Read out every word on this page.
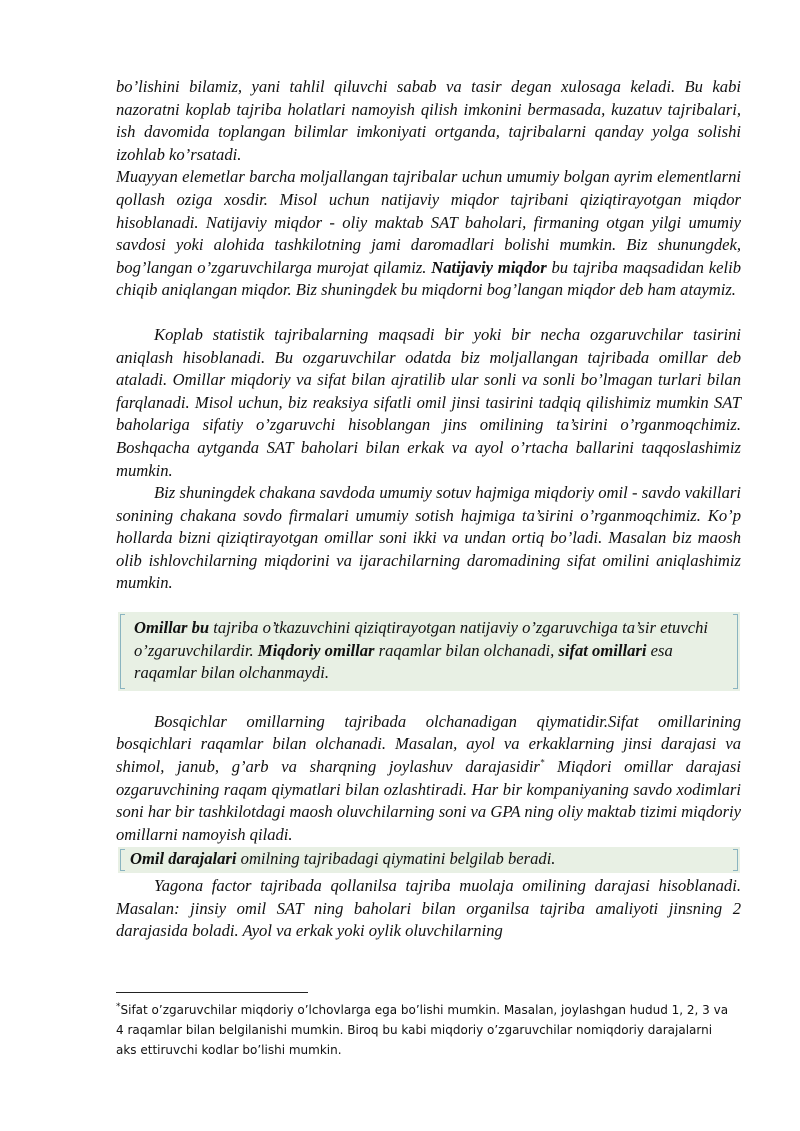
bo’lishini bilamiz, yani tahlil qiluvchi sabab va tasir degan xulosaga keladi. Bu kabi nazoratni koplab tajriba holatlari namoyish qilish imkonini bermasada, kuzatuv tajribalari, ish davomida toplangan bilimlar imkoniyati ortganda, tajribalarni qanday yolga solishi izohlab ko’rsatadi.

Muayyan elemetlar barcha moljallangan tajribalar uchun umumiy bolgan ayrim elementlarni qollash oziga xosdir. Misol uchun natijaviy miqdor tajribani qiziqtirayotgan miqdor hisoblanadi. Natijaviy miqdor - oliy maktab SAT baholari, firmaning otgan yilgi umumiy savdosi yoki alohida tashkilotning jami daromadlari bolishi mumkin. Biz shunungdek, bog’langan o’zgaruvchilarga murojat qilamiz. Natijaviy miqdor bu tajriba maqsadidan kelib chiqib aniqlangan miqdor. Biz shuningdek bu miqdorni bog’langan miqdor deb ham ataymiz.

Koplab statistik tajribalarning maqsadi bir yoki bir necha ozgaruvchilar tasirini aniqlash hisoblanadi. Bu ozgaruvchilar odatda biz moljallangan tajribada omillar deb ataladi. Omillar miqdoriy va sifat bilan ajratilib ular sonli va sonli bo’lmagan turlari bilan farqlanadi. Misol uchun, biz reaksiya sifatli omil jinsi tasirini tadqiq qilishimiz mumkin SAT baholariga sifatiy o’zgaruvchi hisoblangan jins omilining ta’sirini o’rganmoqchimiz. Boshqacha aytganda SAT baholari bilan erkak va ayol o’rtacha ballarini taqqoslashimiz mumkin.

Biz shuningdek chakana savdoda umumiy sotuv hajmiga miqdoriy omil - savdo vakillari sonining chakana sovdo firmalari umumiy sotish hajmiga ta’sirini o’rganmoqchimiz. Ko’p hollarda bizni qiziqtirayotgan omillar soni ikki va undan ortiq bo’ladi. Masalan biz maosh olib ishlovchilarning miqdorini va ijarachilarning daromadining sifat omilini aniqlashimiz mumkin.

Omillar bu tajriba o’tkazuvchini qiziqtirayotgan natijaviy o’zgaruvchiga ta’sir etuvchi o’zgaruvchilardir. Miqdoriy omillar raqamlar bilan olchanadi, sifat omillari esa raqamlar bilan olchanmaydi.

Bosqichlar omillarning tajribada olchanadigan qiymatidir.Sifat omillarining bosqichlari raqamlar bilan olchanadi. Masalan, ayol va erkaklarning jinsi darajasi va shimol, janub, g’arb va sharqning joylashuv darajasidir* Miqdori omillar darajasi ozgaruvchining raqam qiymatlari bilan ozlashtiradi. Har bir kompaniyaning savdo xodimlari soni har bir tashkilotdagi maosh oluvchilarning soni va GPA ning oliy maktab tizimi miqdoriy omillarni namoyish qiladi.

Omil darajalari omilning tajribadagi qiymatini belgilab beradi.

Yagona factor tajribada qollanilsa tajriba muolaja omilining darajasi hisoblanadi. Masalan: jinsiy omil SAT ning baholari bilan organilsa tajriba amaliyoti jinsning 2 darajasida boladi. Ayol va erkak yoki oylik oluvchilarning

*Sifat o’zgaruvchilar miqdoriy o’lchovlarga ega bo’lishi mumkin. Masalan, joylashgan hudud 1, 2, 3 va 4 raqamlar bilan belgilanishi mumkin. Biroq bu kabi miqdoriy o’zgaruvchilar nomiqdoriy darajalarni aks ettiruvchi kodlar bo’lishi mumkin.
